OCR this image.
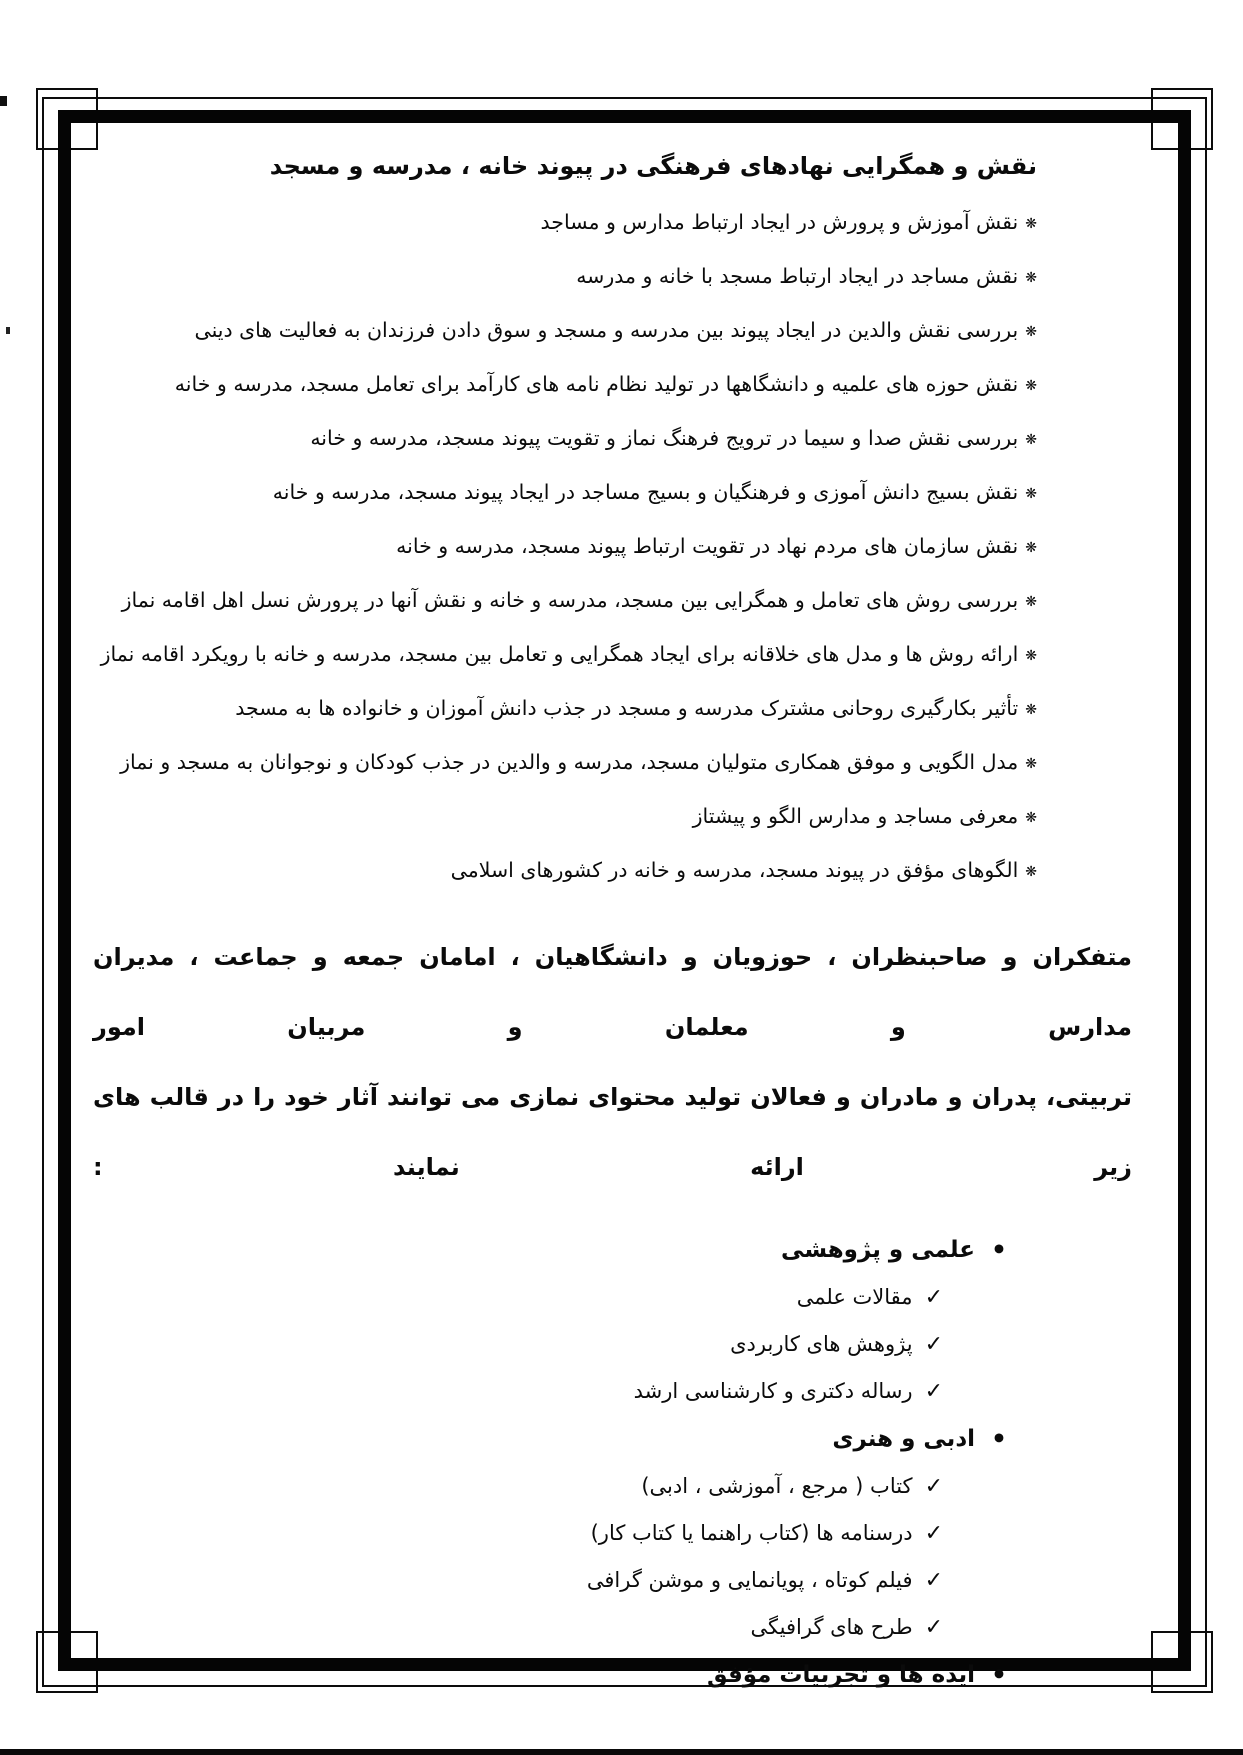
نقش و همگرایی نهادهای فرهنگی در پیوند خانه ، مدرسه و مسجد
❋نقش آموزش و پرورش در ایجاد ارتباط مدارس و مساجد
❋نقش مساجد در ایجاد ارتباط مسجد با خانه و مدرسه
❋بررسی نقش والدین در ایجاد پیوند بین مدرسه و مسجد و سوق دادن فرزندان به فعالیت های دینی
❋نقش حوزه های علمیه و دانشگاهها در تولید نظام نامه های کارآمد برای تعامل مسجد، مدرسه و خانه
❋بررسی نقش صدا و سیما در ترویج فرهنگ نماز و تقویت پیوند مسجد، مدرسه و خانه
❋نقش بسیج دانش آموزی و فرهنگیان و بسیج مساجد در ایجاد پیوند مسجد، مدرسه و خانه
❋نقش سازمان های مردم نهاد در تقویت ارتباط پیوند مسجد، مدرسه و خانه
❋بررسی روش های تعامل و همگرایی بین مسجد، مدرسه و خانه و نقش آنها در پرورش نسل اهل اقامه نماز
❋ارائه روش ها و مدل های خلاقانه برای ایجاد همگرایی و تعامل بین مسجد، مدرسه و خانه با رویکرد اقامه نماز
❋تأثیر بکارگیری روحانی مشترک مدرسه و مسجد در جذب دانش آموزان و خانواده ها به مسجد
❋مدل الگویی و موفق همکاری متولیان مسجد، مدرسه و والدین در جذب کودکان و نوجوانان به مسجد و نماز
❋معرفی مساجد و مدارس الگو و پیشتاز
❋الگوهای مؤفق در پیوند مسجد، مدرسه و خانه در کشورهای اسلامی

متفکران و صاحبنظران ، حوزویان و دانشگاهیان ، امامان جمعه و جماعت ، مدیران مدارس و معلمان و مربیان امور

تربیتی، پدران و مادران و فعالان تولید محتوای نمازی می توانند آثار خود را در قالب های زیر ارائه نمایند :

•علمی و پژوهشی
✓مقالات علمی
✓پژوهش های کاربردی
✓رساله دکتری و کارشناسی ارشد
•ادبی و هنری
✓کتاب ( مرجع ، آموزشی ، ادبی)
✓درسنامه ها (کتاب راهنما یا کتاب کار)
✓فیلم کوتاه ، پویانمایی و موشن گرافی
✓طرح های گرافیگی
•ایده ها و تجربیات مؤفق
